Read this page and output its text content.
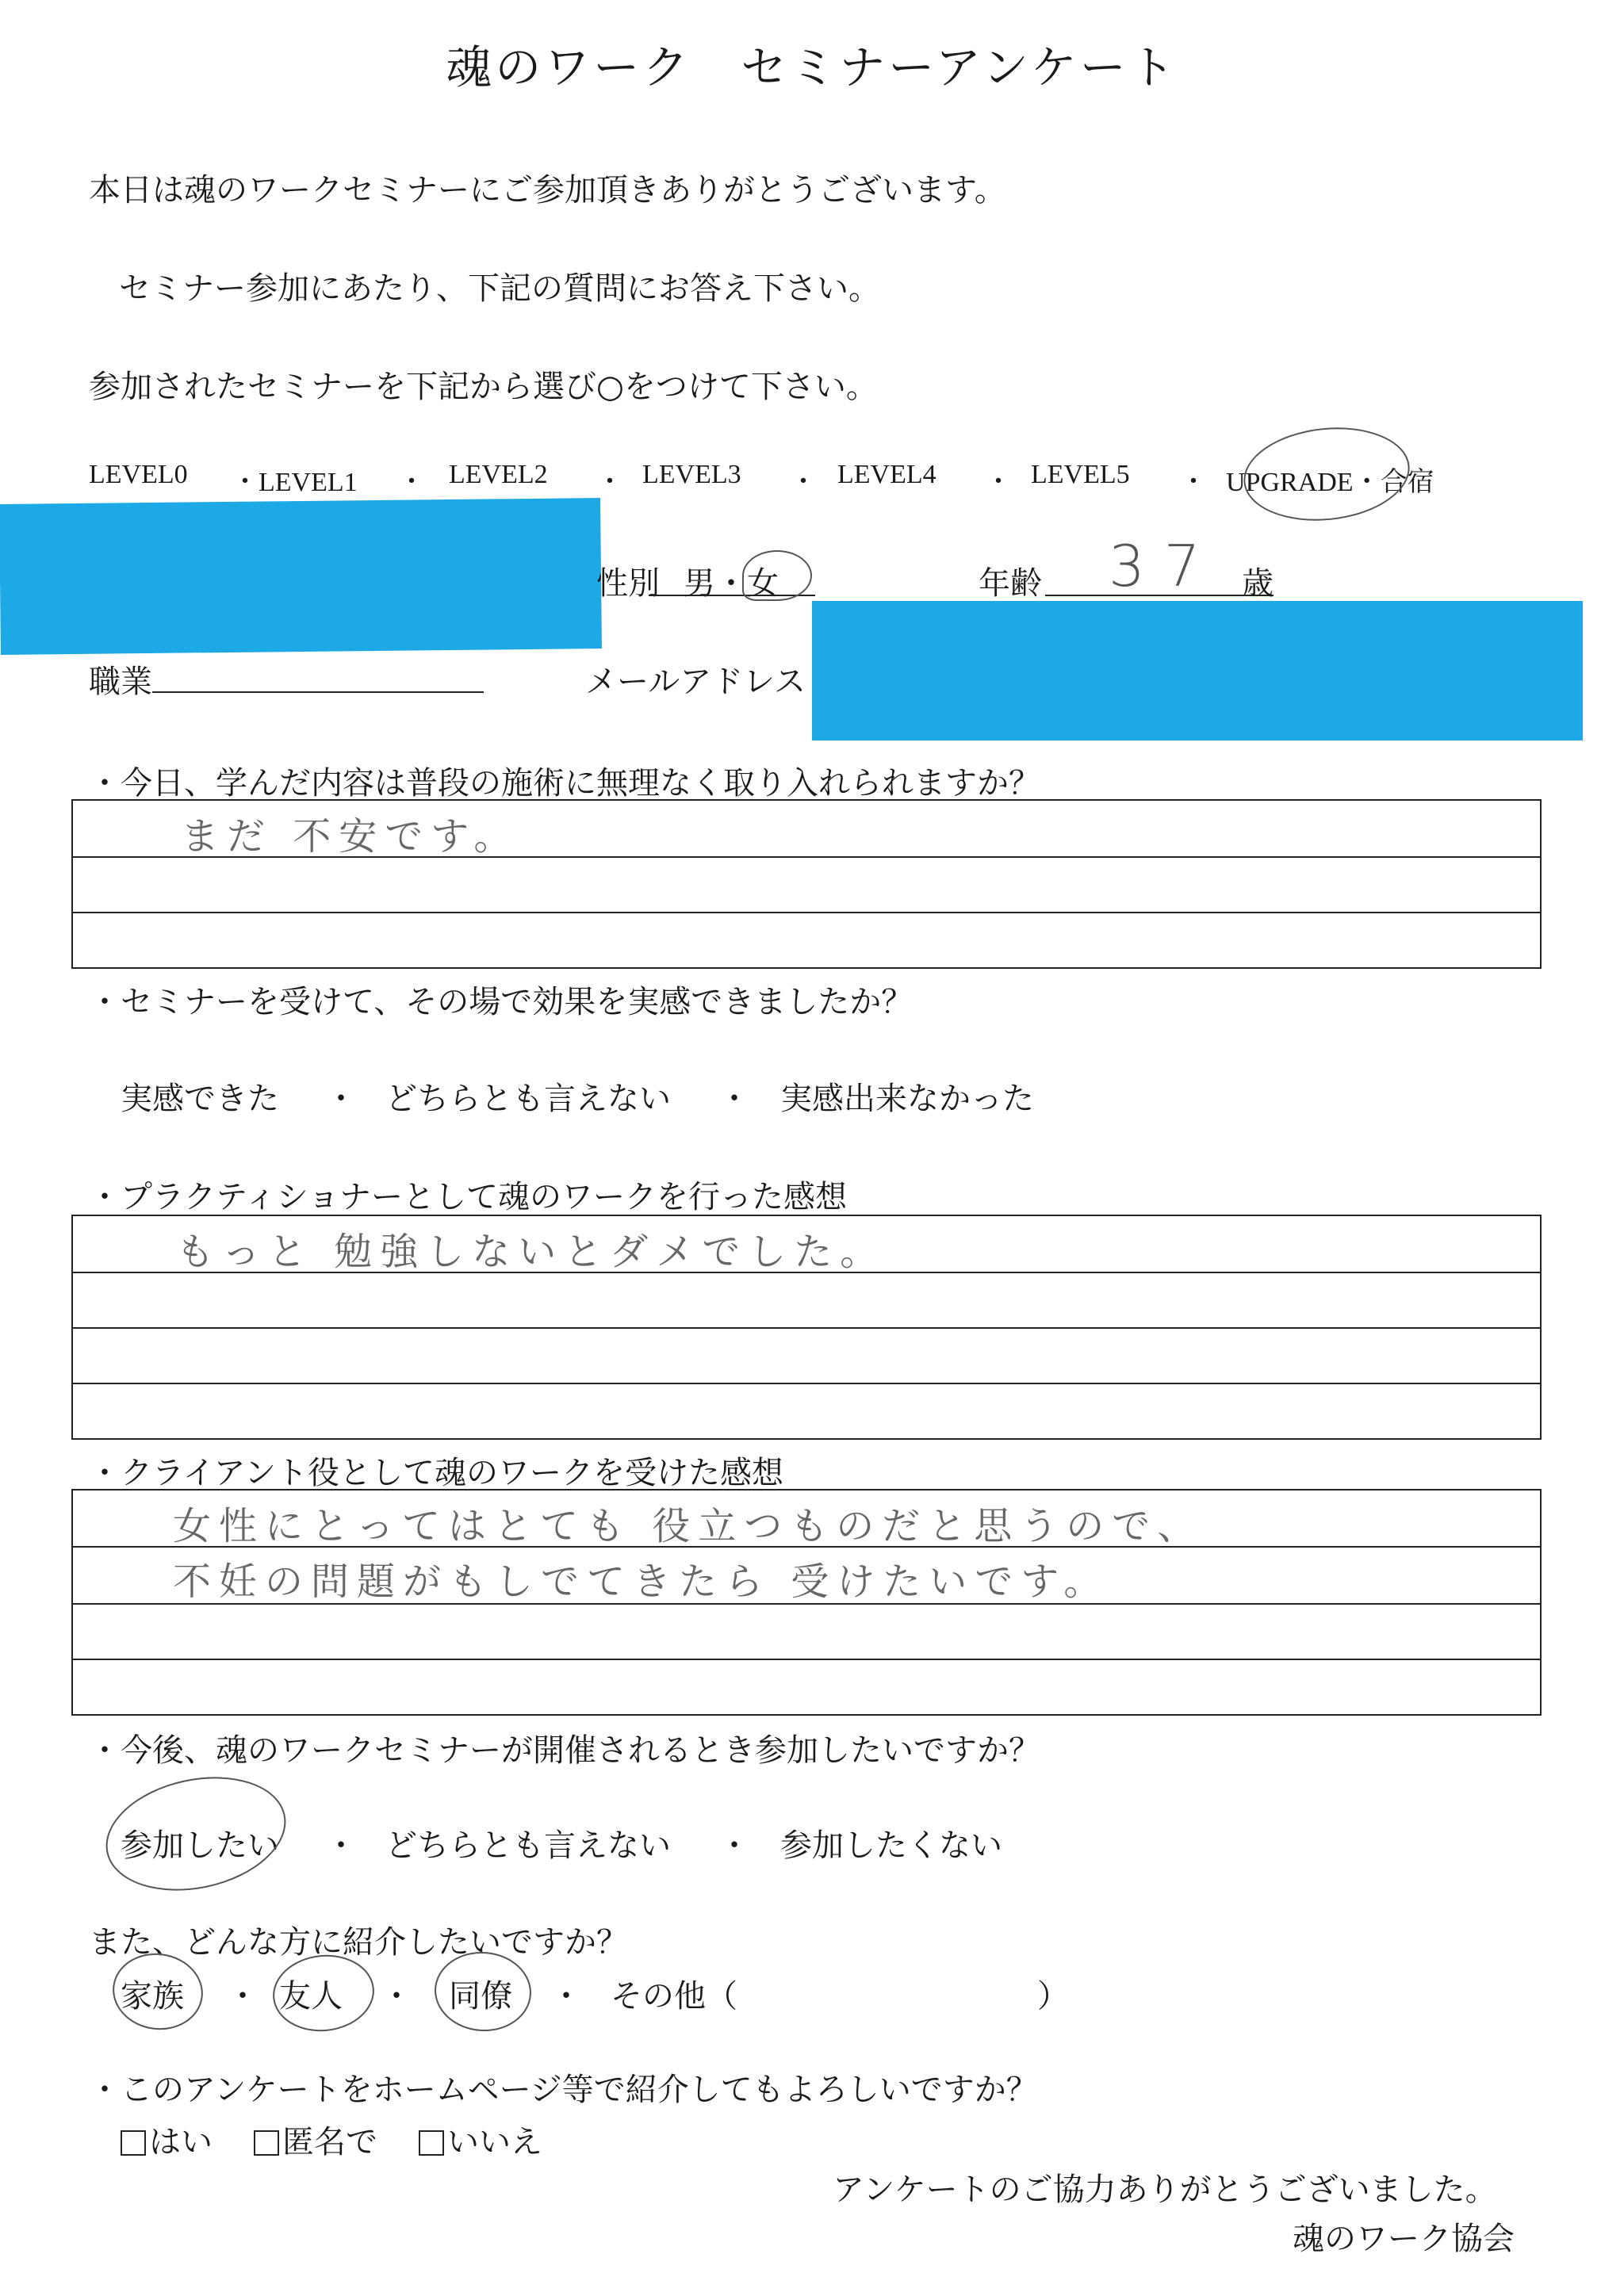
魂のワーク　セミナーアンケート
本日は魂のワークセミナーにご参加頂きありがとうございます。
セミナー参加にあたり、下記の質問にお答え下さい。
参加されたセミナーを下記から選び○をつけて下さい。
LEVEL0 ・LEVEL1 ・ LEVEL2 ・ LEVEL3 ・ LEVEL4 ・ LEVEL5 ・ UPGRADE・合宿
性別 男・女	年齢 37 歳
職業	メールアドレス
・今日、学んだ内容は普段の施術に無理なく取り入れられますか？
まだ 不安です。
・セミナーを受けて、その場で効果を実感できましたか？
実感できた ・ どちらとも言えない ・ 実感出来なかった
・プラクティショナーとして魂のワークを行った感想
もっと 勉強しないとダメでした。
・クライアント役として魂のワークを受けた感想
女性にとってはとても 役立つものだと思うので、
不妊の問題がもしでてきたら 受けたいです。
・今後、魂のワークセミナーが開催されるとき参加したいですか？
参加したい ・ どちらとも言えない ・ 参加したくない
また、どんな方に紹介したいですか？
家族 ・ 友人 ・ 同僚 ・ その他（	）
・このアンケートをホームページ等で紹介してもよろしいですか？
はい	匿名で	いいえ
アンケートのご協力ありがとうございました。
魂のワーク協会
